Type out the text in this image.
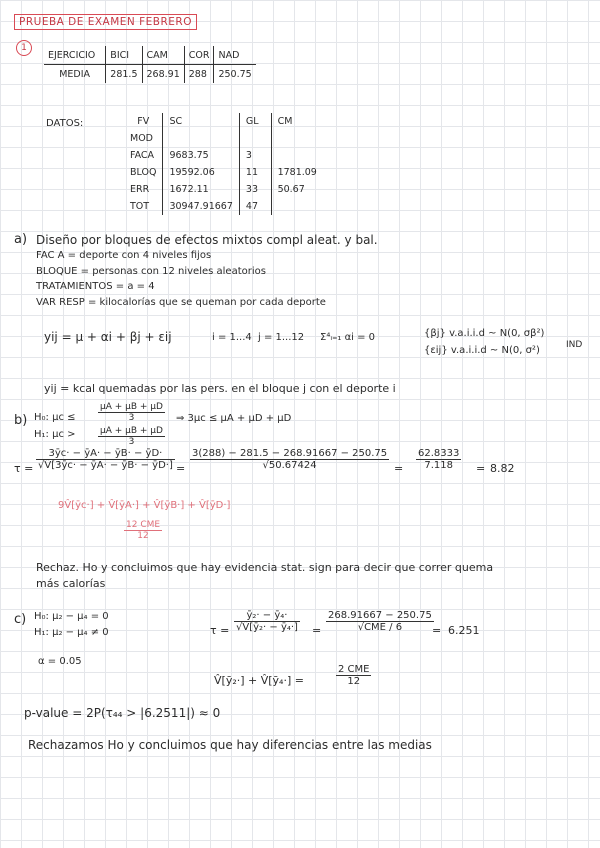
PRUEBA DE EXAMEN FEBRERO
1
EJERCICIO	BICI	CAM	COR	NAD
MEDIA	281.5	268.91	288	250.75
DATOS:	FV	SC	GL	CM
MOD			
FACA	9683.75	3	
BLOQ	19592.06	11	1781.09
ERR	1672.11	33	50.67
TOT	30947.91667	47	
a) Diseño por bloques de efectos mixtos compl aleat. y bal.
FAC A = deporte con 4 niveles fijos
BLOQUE = personas con 12 niveles aleatorios
TRATAMIENTOS = a = 4
VAR RESP = kilocalorías que se queman por cada deporte
yij = μ + αi + βj + εij	i = 1...4 j = 1...12 Σ⁴ᵢ₌₁ αi = 0	{βj} v.a.i.i.d ~ N(0, σβ²)
{εij} v.a.i.i.d ~ N(0, σ²)	IND
yij = kcal quemadas por las pers. en el bloque j con el deporte i
b) H₀: μc ≤
H₁: μc >
$\frac{\mu A + \mu B + \mu D}{3}$
$\frac{\mu A + \mu B + \mu D}{3}$
⇒ 3μc ≤ μA + μD + μD
$\tau = \frac{3ȳc\cdot - ȳA\cdot - ȳB\cdot - ȳD\cdot}{√V̂[3ȳc\cdot - ȳA\cdot - ȳB\cdot - ȳD\cdot]} = \frac{3(288) - 281.5 - 268.91667 - 250.75}{√50.67424} = \frac{62.8333}{7.118} = 8.82$
9V̂[ȳc·] + V̂[ȳA·] + V̂[ȳB·] + V̂[ȳD·]
$\frac{\text{12 CME}}{12}$
Rechaz. Ho y concluimos que hay evidencia stat. sign para decir que correr quema
más calorías
c) H₀: μ₂ − μ₄ = 0
H₁: μ₂ − μ₄ ≠ 0
α = 0.05
$\tau = \frac{\text{ȳ₂· − ȳ₄·}}{\text{√V̂[ȳ₂· − ȳ₄·]}} = \frac{268.91667 - 250.75}{\text{√CME / 6}}$
= 6.251
V̂[ȳ₂·] + V̂[ȳ₄·] =	$\frac{\text{2 CME}}{12}$
p-value = 2P(τ₄₄ > |6.2511|) ≈ 0
Rechazamos Ho y concluimos que hay diferencias entre las medias
